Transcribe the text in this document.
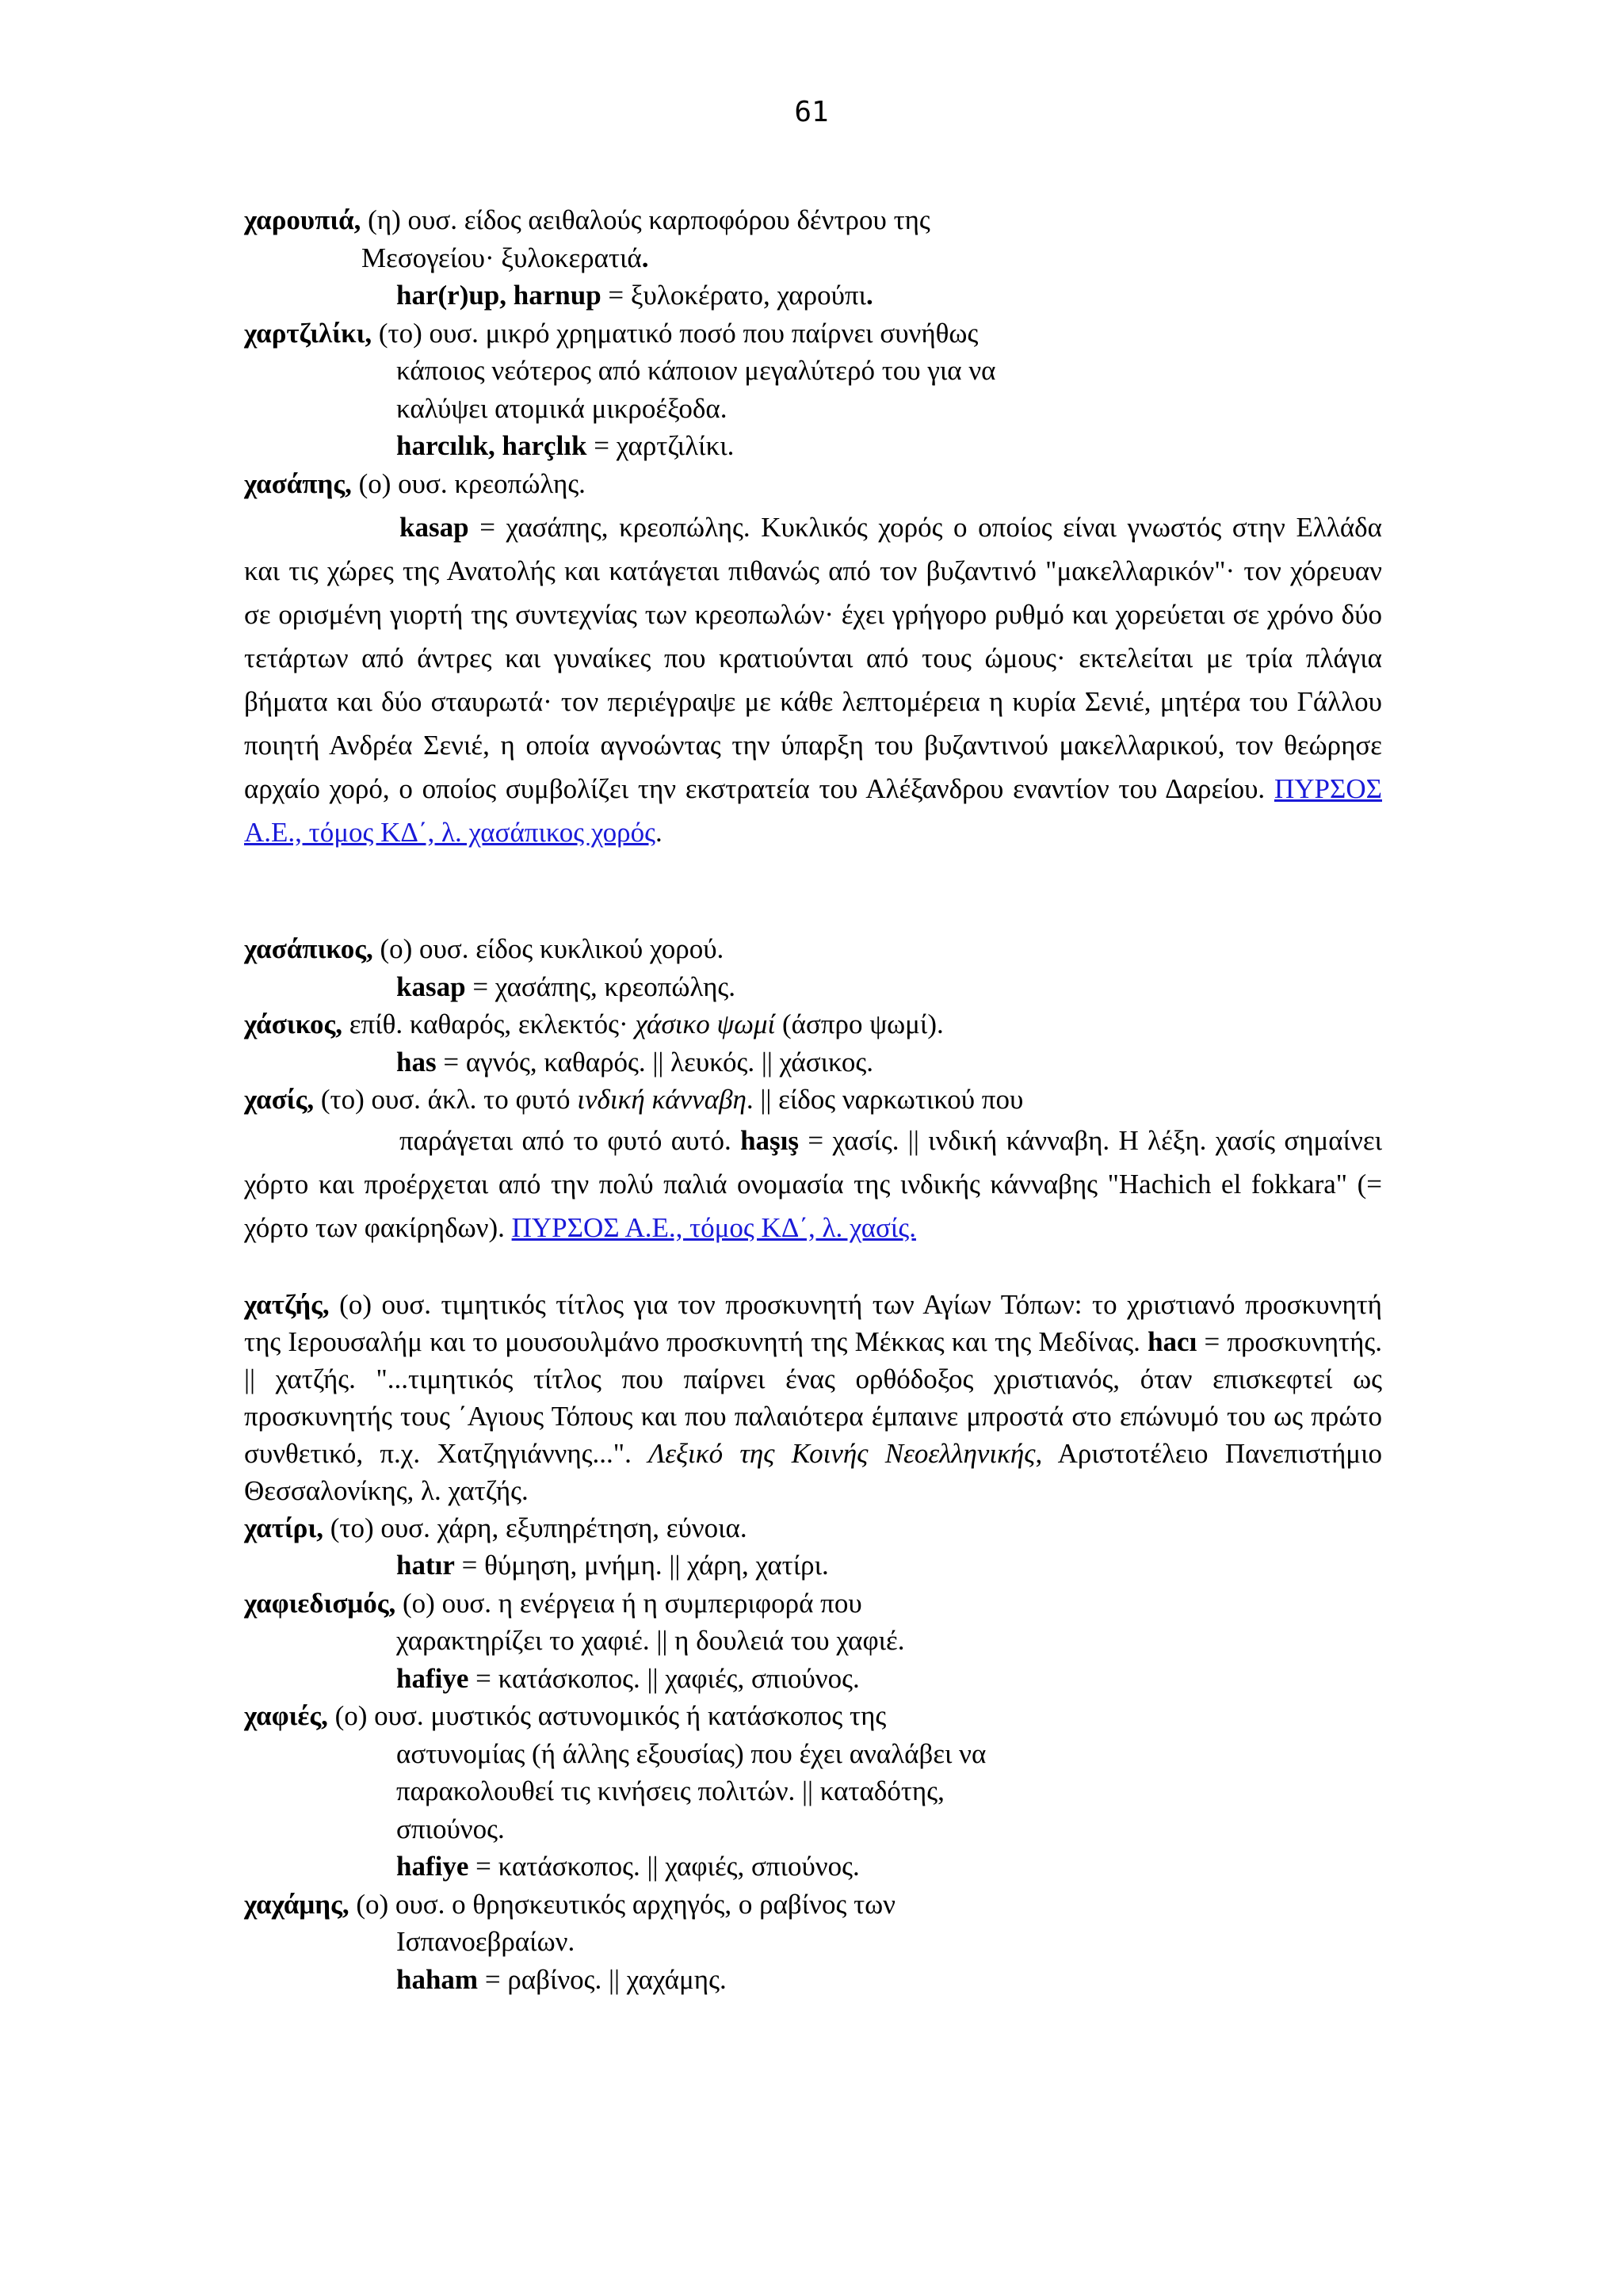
61

χαρουπιά, (η) ουσ. είδος αειθαλούς καρποφόρου δέντρου της

Μεσογείου· ξυλοκερατιά.

har(r)up, harnup = ξυλοκέρατο, χαρούπι.

χαρτζιλίκι, (το) ουσ. μικρό χρηματικό ποσό που παίρνει συνήθως

κάποιος νεότερος από κάποιον μεγαλύτερό του για να

καλύψει ατομικά μικροέξοδα.

harcılık, harçlık = χαρτζιλίκι.

χασάπης, (ο) ουσ. κρεοπώλης.

kasap = χασάπης, κρεοπώλης. Κυκλικός χορός ο οποίος είναι γνωστός στην Ελλάδα και τις χώρες της Ανατολής και κατάγεται πιθανώς από τον βυζαντινό "μακελλαρικόν"· τον χόρευαν σε ορισμένη γιορτή της συντεχνίας των κρεοπωλών· έχει γρήγορο ρυθμό και χορεύεται σε χρόνο δύο τετάρτων από άντρες και γυναίκες που κρατιούνται από τους ώμους· εκτελείται με τρία πλάγια βήματα και δύο σταυρωτά· τον περιέγραψε με κάθε λεπτομέρεια η κυρία Σενιέ, μητέρα του Γάλλου ποιητή Ανδρέα Σενιέ, η οποία αγνοώντας την ύπαρξη του βυζαντινού μακελλαρικού, τον θεώρησε αρχαίο χορό, ο οποίος συμβολίζει την εκστρατεία του Αλέξανδρου εναντίον του Δαρείου. ΠΥΡΣΟΣ Α.Ε., τόμος ΚΔ΄, λ. χασάπικος χορός.

χασάπικος, (ο) ουσ. είδος κυκλικού χορού.

kasap = χασάπης, κρεοπώλης.

χάσικος, επίθ. καθαρός, εκλεκτός· χάσικο ψωμί (άσπρο ψωμί).

has = αγνός, καθαρός. || λευκός. || χάσικος.

χασίς, (το) ουσ. άκλ. το φυτό ινδική κάνναβη. || είδος ναρκωτικού που

παράγεται από το φυτό αυτό. haşış = χασίς. || ινδική κάνναβη. Η λέξη. χασίς σημαίνει χόρτο και προέρχεται από την πολύ παλιά ονομασία της ινδικής κάνναβης "Hachich el fokkara" (= χόρτο των φακίρηδων). ΠΥΡΣΟΣ Α.Ε., τόμος ΚΔ΄, λ. χασίς.

χατζής, (ο) ουσ. τιμητικός τίτλος για τον προσκυνητή των Αγίων Τόπων: το χριστιανό προσκυνητή της Ιερουσαλήμ και το μουσουλμάνο προσκυνητή της Μέκκας και της Μεδίνας. hacı = προσκυνητής. || χατζής. "...τιμητικός τίτλος που παίρνει ένας ορθόδοξος χριστιανός, όταν επισκεφτεί ως προσκυνητής τους ΄Αγιους Τόπους και που παλαιότερα έμπαινε μπροστά στο επώνυμό του ως πρώτο συνθετικό, π.χ. Χατζηγιάννης...". Λεξικό της Κοινής Νεοελληνικής, Αριστοτέλειο Πανεπιστήμιο Θεσσαλονίκης, λ. χατζής.

χατίρι, (το) ουσ. χάρη, εξυπηρέτηση, εύνοια.

hatır = θύμηση, μνήμη. || χάρη, χατίρι.

χαφιεδισμός, (ο) ουσ. η ενέργεια ή η συμπεριφορά που

χαρακτηρίζει το χαφιέ. || η δουλειά του χαφιέ.

hafiye = κατάσκοπος. || χαφιές, σπιούνος.

χαφιές, (ο) ουσ. μυστικός αστυνομικός ή κατάσκοπος της

αστυνομίας (ή άλλης εξουσίας) που έχει αναλάβει να

παρακολουθεί τις κινήσεις πολιτών. || καταδότης,

σπιούνος.

hafiye = κατάσκοπος. || χαφιές, σπιούνος.

χαχάμης, (ο) ουσ. ο θρησκευτικός αρχηγός, ο ραβίνος των

Ισπανοεβραίων.

haham = ραβίνος. || χαχάμης.
